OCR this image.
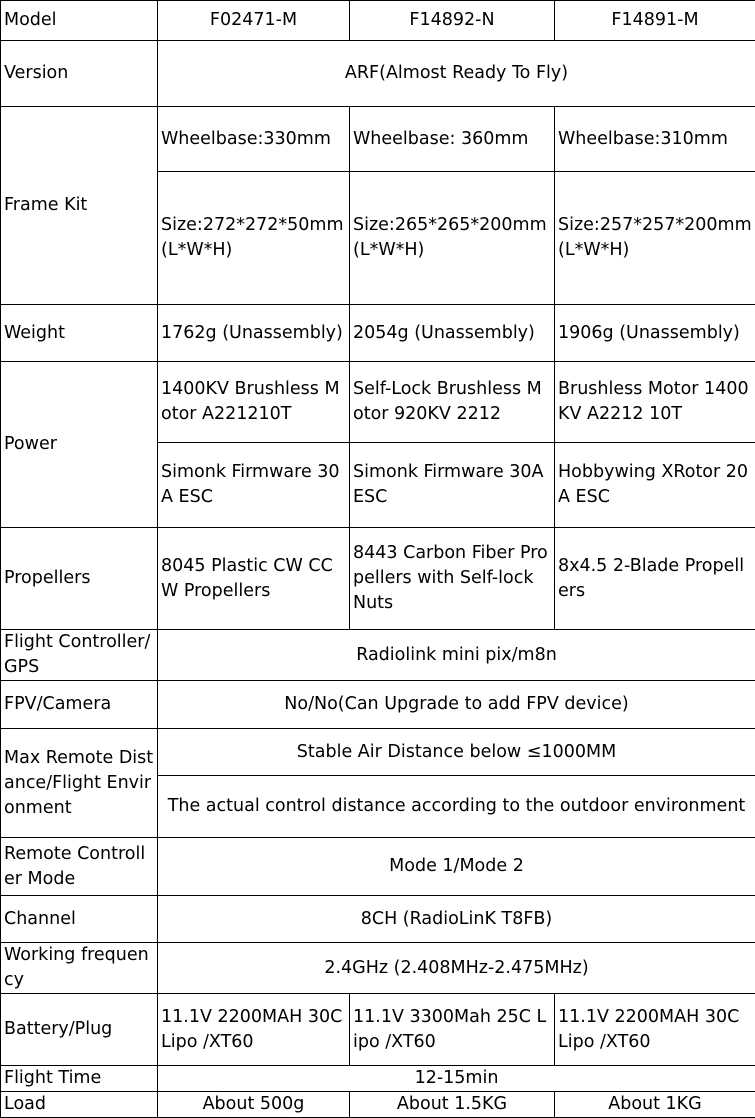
Model	F02471-M	F14892-N	F14891-M
Version	ARF(Almost Ready To Fly)		
Frame Kit	Wheelbase:330mm	Wheelbase: 360mm	Wheelbase:310mm
	Size:272*272*50mm (L*W*H)	Size:265*265*200mm(L*W*H)	Size:257*257*200mm (L*W*H)
Weight	1762g (Unassembly)	2054g (Unassembly)	1906g (Unassembly)
Power	1400KV Brushless Motor A221210T	Self-Lock Brushless Motor 920KV 2212	Brushless Motor 1400KV A2212 10T
	Simonk Firmware 30A ESC	Simonk Firmware 30A ESC	Hobbywing XRotor 20A ESC
Propellers	8045 Plastic CW CCW Propellers	8443 Carbon Fiber Propellers with Self-lock Nuts	8x4.5 2-Blade Propellers
Flight Controller/GPS	Radiolink mini pix/m8n		
FPV/Camera	No/No(Can Upgrade to add FPV device)		
Max Remote Distance/Flight Environment	Stable Air Distance below ≤1000MM		
	The actual control distance according to the outdoor environment		
Remote Controller Mode	Mode 1/Mode 2		
Channel	8CH (RadioLinK T8FB)		
Working frequency	2.4GHz (2.408MHz-2.475MHz)		
Battery/Plug	11.1V 2200MAH 30C Lipo /XT60	11.1V 3300Mah 25C Lipo /XT60	11.1V 2200MAH 30C Lipo /XT60
Flight Time	12-15min		
Load	About 500g	About 1.5KG	About 1KG
